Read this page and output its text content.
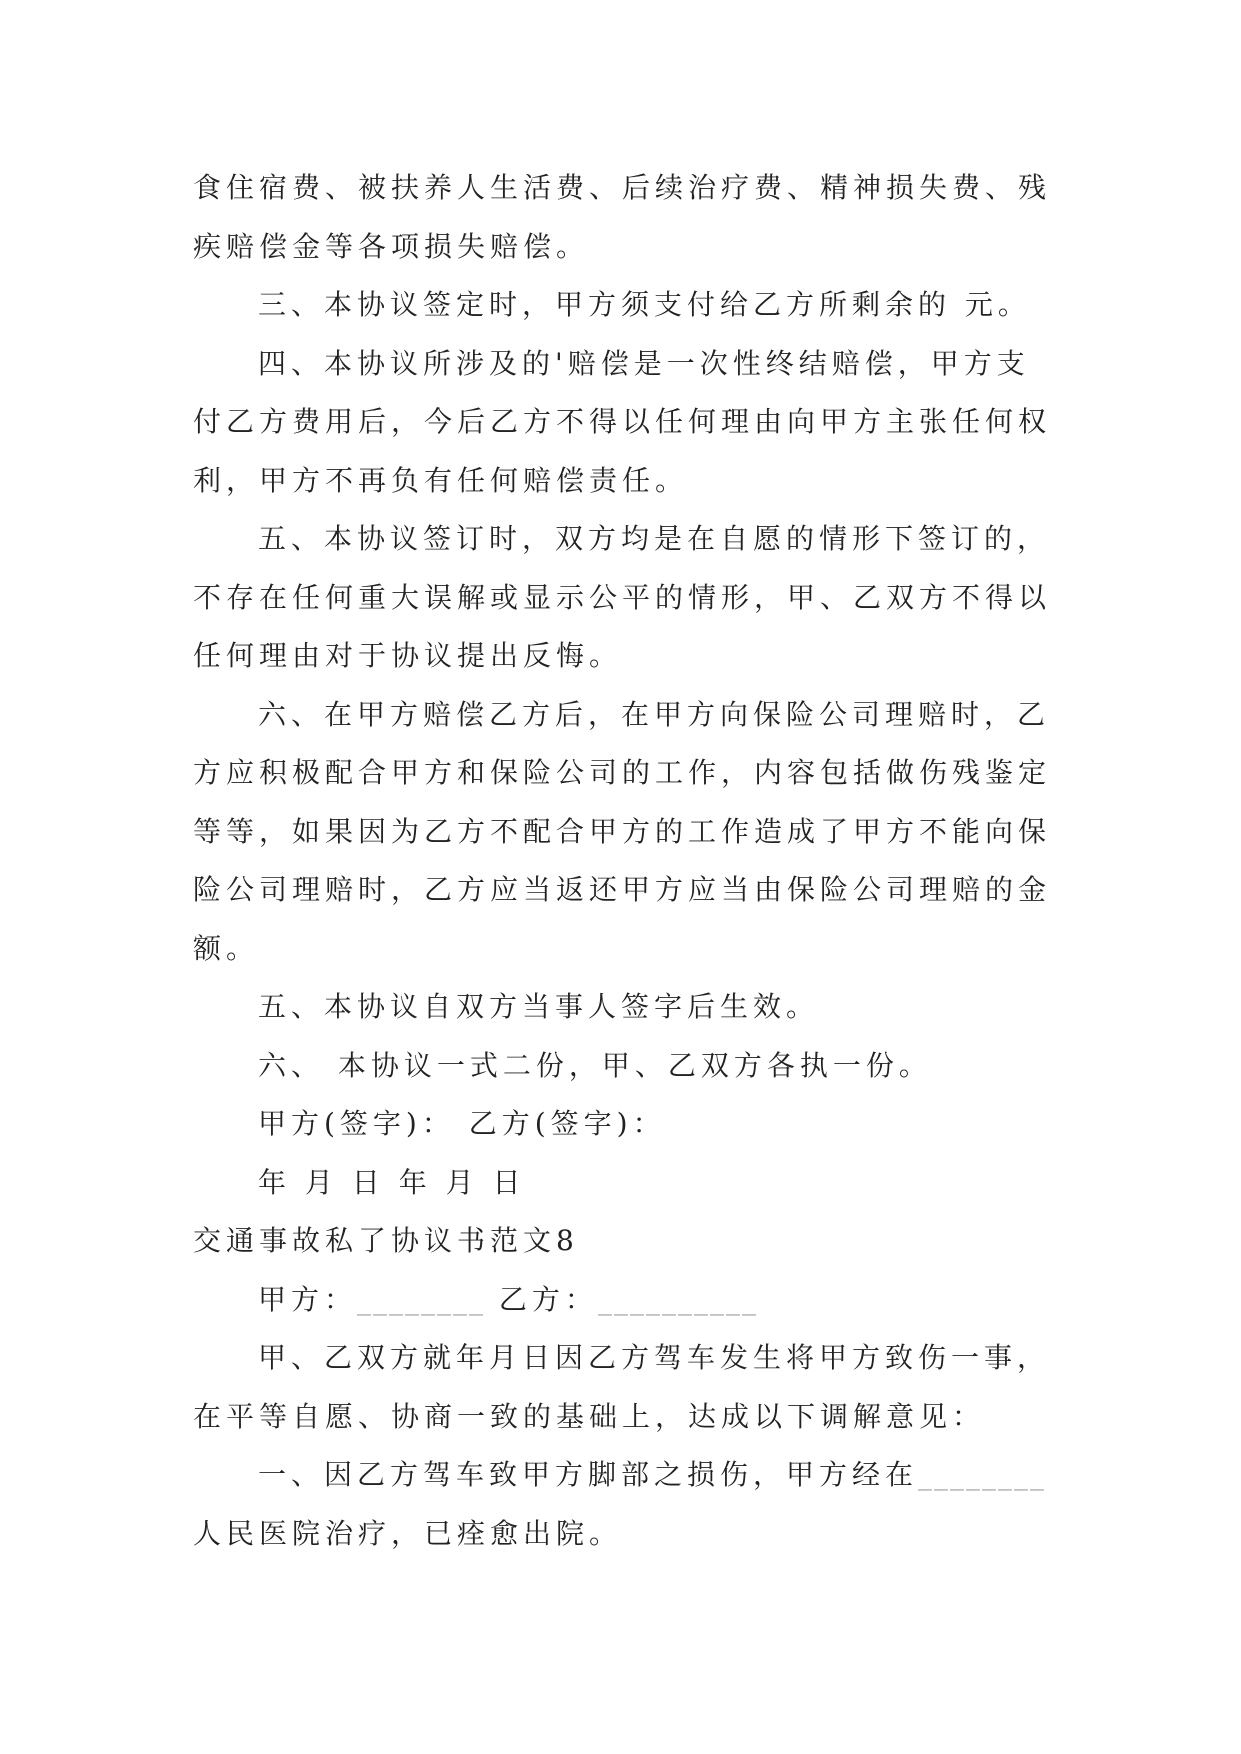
食住宿费、被扶养人生活费、后续治疗费、精神损失费、残
疾赔偿金等各项损失赔偿。
三、本协议签定时，甲方须支付给乙方所剩余的 元。
四、本协议所涉及的'赔偿是一次性终结赔偿，甲方支
付乙方费用后，今后乙方不得以任何理由向甲方主张任何权
利，甲方不再负有任何赔偿责任。
五、本协议签订时，双方均是在自愿的情形下签订的，
不存在任何重大误解或显示公平的情形，甲、乙双方不得以
任何理由对于协议提出反悔。
六、在甲方赔偿乙方后，在甲方向保险公司理赔时，乙
方应积极配合甲方和保险公司的工作，内容包括做伤残鉴定
等等，如果因为乙方不配合甲方的工作造成了甲方不能向保
险公司理赔时，乙方应当返还甲方应当由保险公司理赔的金
额。
五、本协议自双方当事人签字后生效。
六、 本协议一式二份，甲、乙双方各执一份。
甲方(签字)： 乙方(签字)：
年 月 日 年 月 日
交通事故私了协议书范文8
甲方：________ 乙方：__________
甲、乙双方就年月日因乙方驾车发生将甲方致伤一事，
在平等自愿、协商一致的基础上，达成以下调解意见：
一、因乙方驾车致甲方脚部之损伤，甲方经在________
人民医院治疗，已痊愈出院。
